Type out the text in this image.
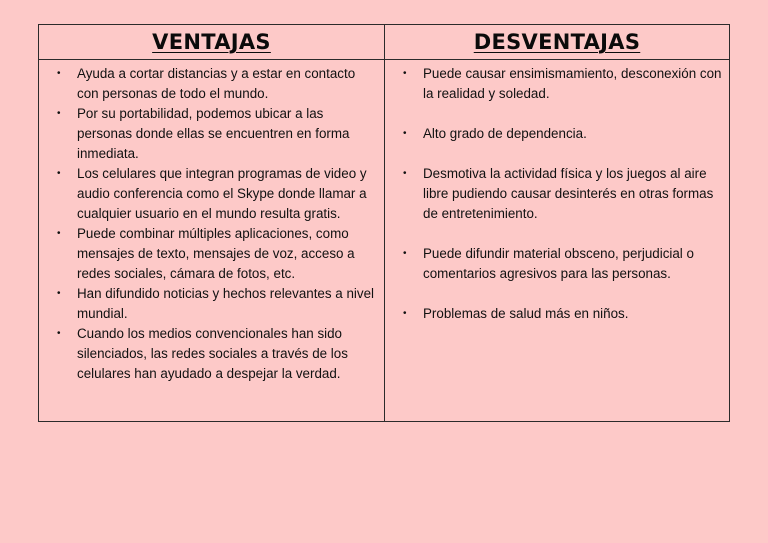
VENTAJAS	DESVENTAJAS
• Ayuda a cortar distancias y a estar en contacto con personas de todo el mundo.
• Por su portabilidad, podemos ubicar a las personas donde ellas se encuentren en forma inmediata.
• Los celulares que integran programas de video y audio conferencia como el Skype donde llamar a cualquier usuario en el mundo resulta gratis.
• Puede combinar múltiples aplicaciones, como mensajes de texto, mensajes de voz, acceso a redes sociales, cámara de fotos, etc.
• Han difundido noticias y hechos relevantes a nivel mundial.
• Cuando los medios convencionales han sido silenciados, las redes sociales a través de los celulares han ayudado a despejar la verdad.
• Puede causar ensimismamiento, desconexión con la realidad y soledad.
• Alto grado de dependencia.
• Desmotiva la actividad física y los juegos al aire libre pudiendo causar desinterés en otras formas de entretenimiento.
• Puede difundir material obsceno, perjudicial o comentarios agresivos para las personas.
• Problemas de salud más en niños.
